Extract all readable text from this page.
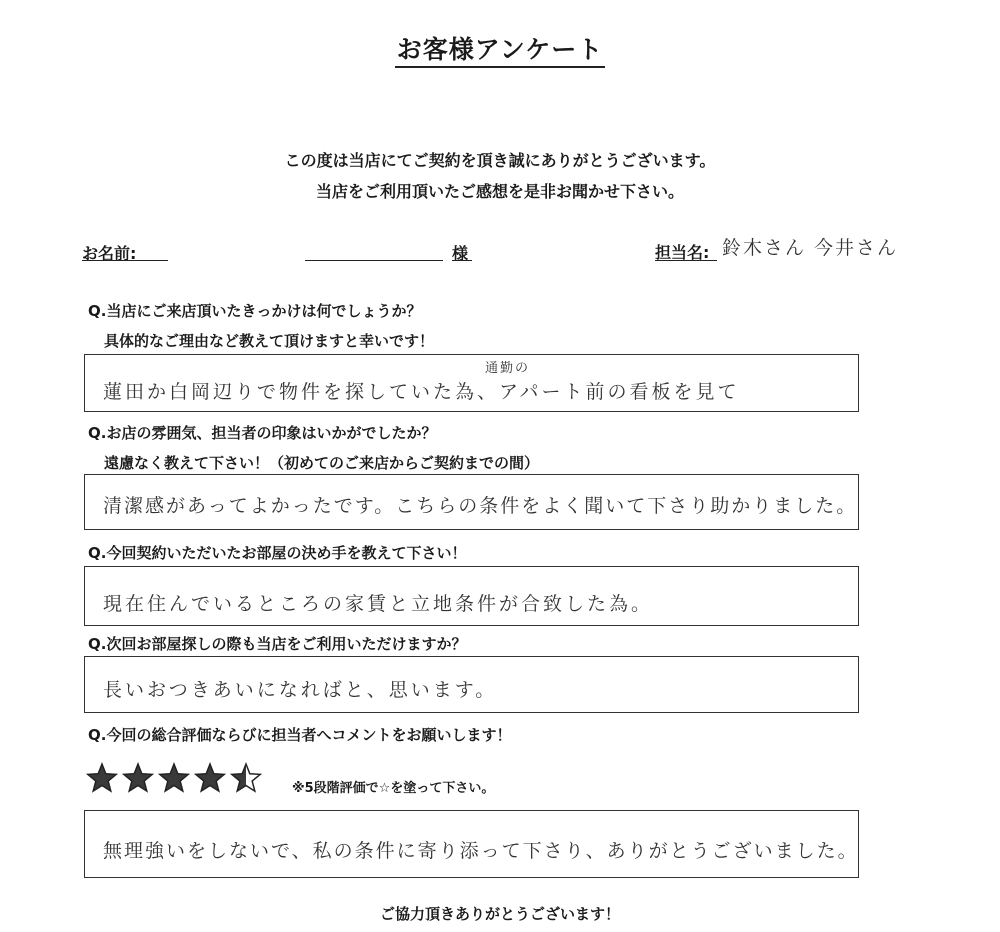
お客様アンケート
この度は当店にてご契約を頂き誠にありがとうございます。
当店をご利用頂いたご感想を是非お聞かせ下さい。
お名前:	様	担当名: 鈴木さん 今井さん
Q.当店にご来店頂いたきっかけは何でしょうか？
具体的なご理由など教えて頂けますと幸いです！
通勤の
蓮田か白岡辺りで物件を探していた為、アパート前の看板を見て
Q.お店の雰囲気、担当者の印象はいかがでしたか？
遠慮なく教えて下さい！（初めてのご来店からご契約までの間）
清潔感があってよかったです。こちらの条件をよく聞いて下さり助かりました。
Q.今回契約いただいたお部屋の決め手を教えて下さい！
現在住んでいるところの家賃と立地条件が合致した為。
Q.次回お部屋探しの際も当店をご利用いただけますか？
長いおつきあいになればと、思います。
Q.今回の総合評価ならびに担当者へコメントをお願いします！
※5段階評価で☆を塗って下さい。
無理強いをしないで、私の条件に寄り添って下さり、ありがとうございました。
ご協力頂きありがとうございます！
